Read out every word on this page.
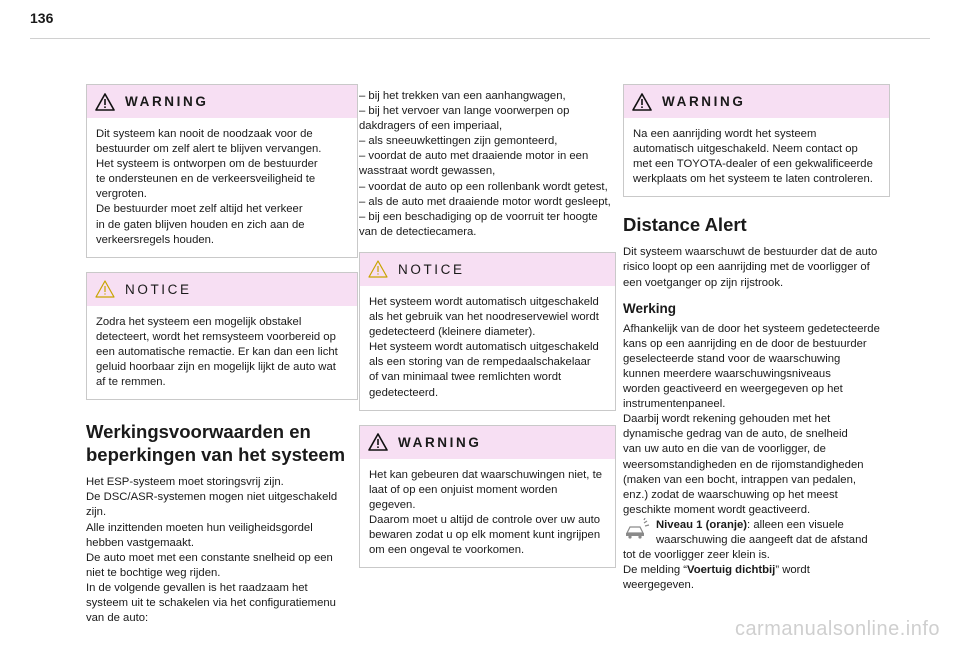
136
WARNING
Dit systeem kan nooit de noodzaak voor de
bestuurder om zelf alert te blijven vervangen.
Het systeem is ontworpen om de bestuurder
te ondersteunen en de verkeersveiligheid te
vergroten.
De bestuurder moet zelf altijd het verkeer
in de gaten blijven houden en zich aan de
verkeersregels houden.
NOTICE
Zodra het systeem een mogelijk obstakel
detecteert, wordt het remsysteem voorbereid op
een automatische remactie. Er kan dan een licht
geluid hoorbaar zijn en mogelijk lijkt de auto wat
af te remmen.
Werkingsvoorwaarden en beperkingen van het systeem
Het ESP-systeem moet storingsvrij zijn.
De DSC/ASR-systemen mogen niet uitgeschakeld
zijn.
Alle inzittenden moeten hun veiligheidsgordel
hebben vastgemaakt.
De auto moet met een constante snelheid op een
niet te bochtige weg rijden.
In de volgende gevallen is het raadzaam het
systeem uit te schakelen via het configuratiemenu
van de auto:
– bij het trekken van een aanhangwagen,
– bij het vervoer van lange voorwerpen op
dakdragers of een imperiaal,
– als sneeuwkettingen zijn gemonteerd,
– voordat de auto met draaiende motor in een
wasstraat wordt gewassen,
– voordat de auto op een rollenbank wordt getest,
– als de auto met draaiende motor wordt gesleept,
– bij een beschadiging op de voorruit ter hoogte
van de detectiecamera.
NOTICE
Het systeem wordt automatisch uitgeschakeld
als het gebruik van het noodreservewiel wordt
gedetecteerd (kleinere diameter).
Het systeem wordt automatisch uitgeschakeld
als een storing van de rempedaalschakelaar
of van minimaal twee remlichten wordt
gedetecteerd.
WARNING
Het kan gebeuren dat waarschuwingen niet, te
laat of op een onjuist moment worden gegeven.
Daarom moet u altijd de controle over uw auto
bewaren zodat u op elk moment kunt ingrijpen
om een ongeval te voorkomen.
WARNING
Na een aanrijding wordt het systeem
automatisch uitgeschakeld. Neem contact op
met een TOYOTA-dealer of een gekwalificeerde
werkplaats om het systeem te laten controleren.
Distance Alert
Dit systeem waarschuwt de bestuurder dat de auto
risico loopt op een aanrijding met de voorligger of
een voetganger op zijn rijstrook.
Werking
Afhankelijk van de door het systeem gedetecteerde
kans op een aanrijding en de door de bestuurder
geselecteerde stand voor de waarschuwing
kunnen meerdere waarschuwingsniveaus
worden geactiveerd en weergegeven op het
instrumentenpaneel.
Daarbij wordt rekening gehouden met het
dynamische gedrag van de auto, de snelheid
van uw auto en die van de voorligger, de
weersomstandigheden en de rijomstandigheden
(maken van een bocht, intrappen van pedalen,
enz.) zodat de waarschuwing op het meest
geschikte moment wordt geactiveerd.
Niveau 1 (oranje): alleen een visuele
waarschuwing die aangeeft dat de afstand
tot de voorligger zeer klein is.
De melding “Voertuig dichtbij” wordt
weergegeven.
carmanualsonline.info
